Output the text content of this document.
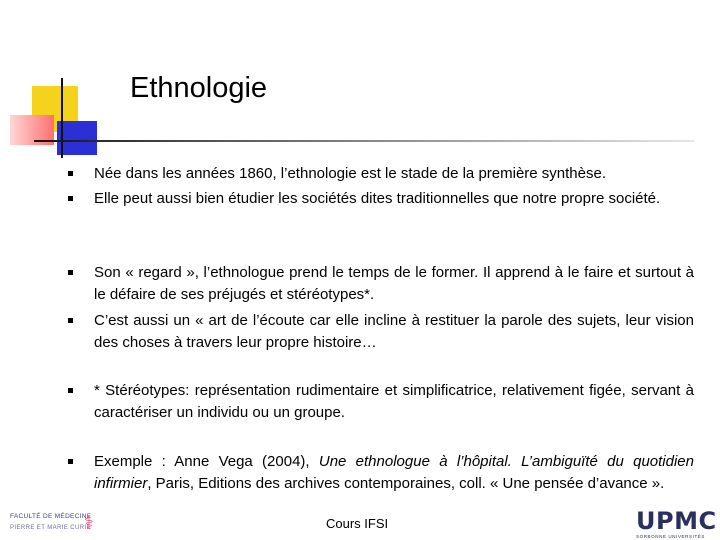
Ethnologie
Née dans les années 1860, l’ethnologie est le stade de la première synthèse.
Elle peut aussi bien étudier les sociétés dites traditionnelles que notre propre société.
Son « regard », l’ethnologue prend le temps de le former. Il apprend à le faire et surtout à le défaire de ses préjugés et stéréotypes*.
C’est aussi un « art de l’écoute car elle incline à restituer la parole des sujets, leur vision des choses à travers leur propre histoire…
* Stéréotypes: représentation rudimentaire et simplificatrice, relativement figée, servant à caractériser un individu ou un groupe.
Exemple : Anne Vega (2004), Une ethnologue à l’hôpital. L’ambiguïté du quotidien infirmier, Paris, Editions des archives contemporaines, coll. « Une pensée d’avance ».
FACULTÉ DE MÉDECINE
PIERRE ET MARIE CURIE
⚕	Cours IFSI	UPMC
SORBONNE UNIVERSITÉS
